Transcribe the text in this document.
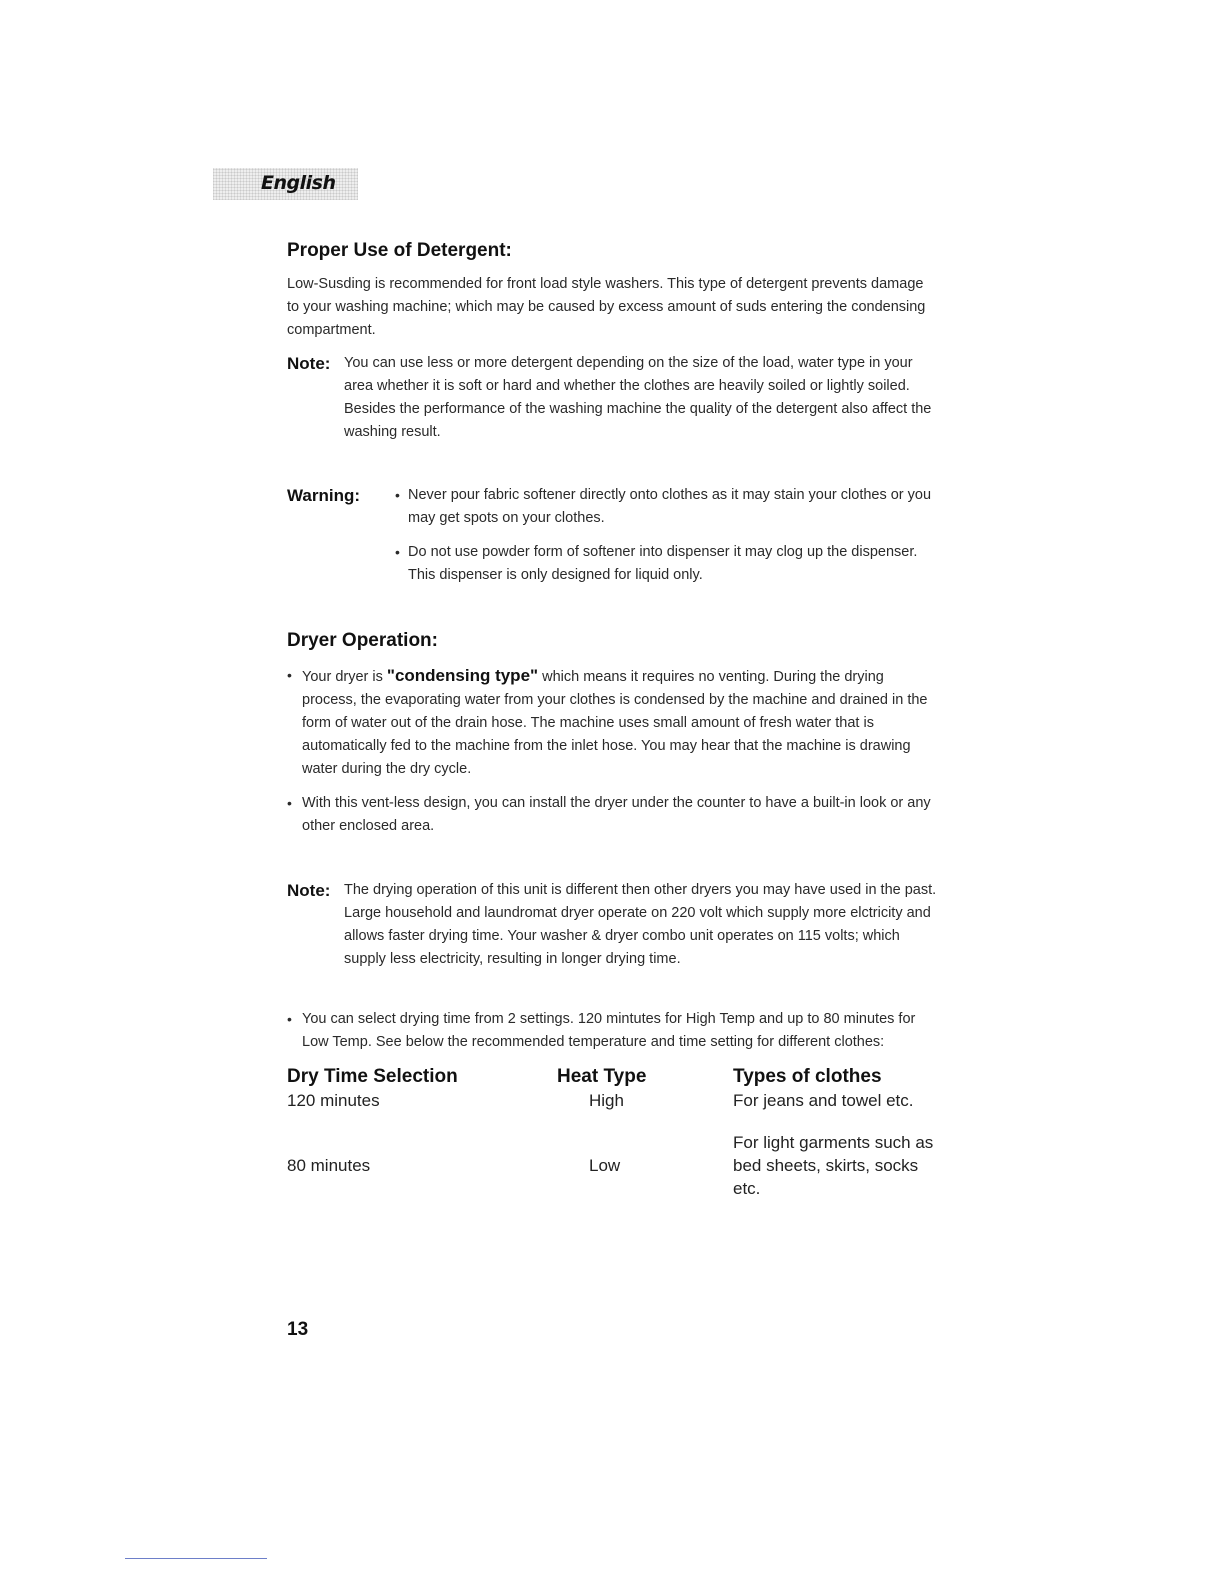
English
Proper Use of Detergent:

Low-Susding is recommended for front load style washers. This type of detergent prevents damage to your washing machine; which may be caused by excess amount of suds entering the condensing compartment.

Note: You can use less or more detergent depending on the size of the load, water type in your area whether it is soft or hard and whether the clothes are heavily soiled or lightly soiled. Besides the performance of the washing machine the quality of the detergent also affect the washing result.

Warning:

•	Never pour fabric softener directly onto clothes as it may stain your clothes or you may get spots on your clothes.

• Do not use powder form of softener into dispenser it may clog up the dispenser. This dispenser is only designed for liquid only.

Dryer Operation:

• Your dryer is "condensing type" which means it requires no venting. During the drying process, the evaporating water from your clothes is condensed by the machine and drained in the form of water out of the drain hose. The machine uses small amount of fresh water that is automatically fed to the machine from the inlet hose. You may hear that the machine is drawing water during the dry cycle.

• With this vent-less design, you can install the dryer under the counter to have a built-in look or any other enclosed area.

Note: The drying operation of this unit is different then other dryers you may have used in the past. Large household and laundromat dryer operate on 220 volt which supply more elctricity and allows faster drying time. Your washer & dryer combo unit operates on 115 volts; which supply less electricity, resulting in longer drying time.

• You can select drying time from 2 settings. 120 mintutes for High Temp and up to 80 minutes for Low Temp. See below the recommended temperature and time setting for different clothes:

Dry Time Selection
120 minutes
80 minutes
Heat Type
High
Low
Types of clothes
For jeans and towel etc.
For light garments such as bed sheets, skirts, socks etc.
13
